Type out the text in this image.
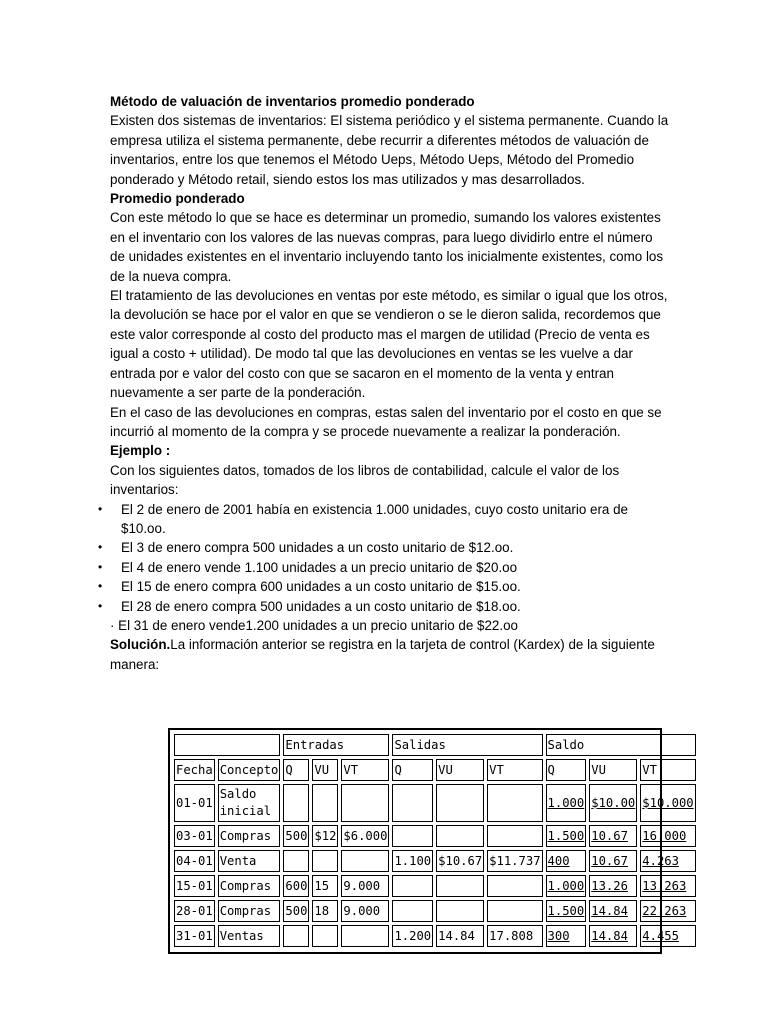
Método de valuación de inventarios promedio ponderado

Existen dos sistemas de inventarios: El sistema periódico y el sistema permanente. Cuando la empresa utiliza el sistema permanente, debe recurrir a diferentes métodos de valuación de inventarios, entre los que tenemos el Método Ueps, Método Ueps, Método del Promedio ponderado y Método retail, siendo estos los mas utilizados y mas desarrollados.

Promedio ponderado

Con este método lo que se hace es determinar un promedio, sumando los valores existentes en el inventario con los valores de las nuevas compras, para luego dividirlo entre el número de unidades existentes en el inventario incluyendo tanto los inicialmente existentes, como los de la nueva compra.

El tratamiento de las devoluciones en ventas por este método, es similar o igual que los otros, la devolución se hace por el valor en que se vendieron o se le dieron salida, recordemos que este valor corresponde al costo del producto mas el margen de utilidad (Precio de venta es igual a costo + utilidad). De modo tal que las devoluciones en ventas se les vuelve a dar entrada por e valor del costo con que se sacaron en el momento de la venta y entran nuevamente a ser parte de la ponderación.

En el caso de las devoluciones en compras, estas salen del inventario por el costo en que se incurrió al momento de la compra y se procede nuevamente a realizar la ponderación.

Ejemplo :

Con los siguientes datos, tomados de los libros de contabilidad, calcule el valor de los inventarios:

• El 2 de enero de 2001 había en existencia 1.000 unidades, cuyo costo unitario era de $10.oo.
• El 3 de enero compra 500 unidades a un costo unitario de $12.oo.
• El 4 de enero vende 1.100 unidades a un precio unitario de $20.oo
• El 15 de enero compra 600 unidades a un costo unitario de $15.oo.
• El 28 de enero compra 500 unidades a un costo unitario de $18.oo.

· El 31 de enero vende1.200 unidades a un precio unitario de $22.oo

Solución.La información anterior se registra en la tarjeta de control (Kardex) de la siguiente manera:

		Entradas			Salidas			Saldo		
Fecha	Concepto	Q	VU	VT	Q	VU	VT	Q	VU	VT
01-01	Saldo inicial							1.000	$10.00	$10.000
03-01	Compras	500	$12	$6.000				1.500	10.67	16.000
04-01	Venta				1.100	$10.67	$11.737	400	10.67	4.263
15-01	Compras	600	15	9.000				1.000	13.26	13.263
28-01	Compras	500	18	9.000				1.500	14.84	22.263
31-01	Ventas				1.200	14.84	17.808	300	14.84	4.455
